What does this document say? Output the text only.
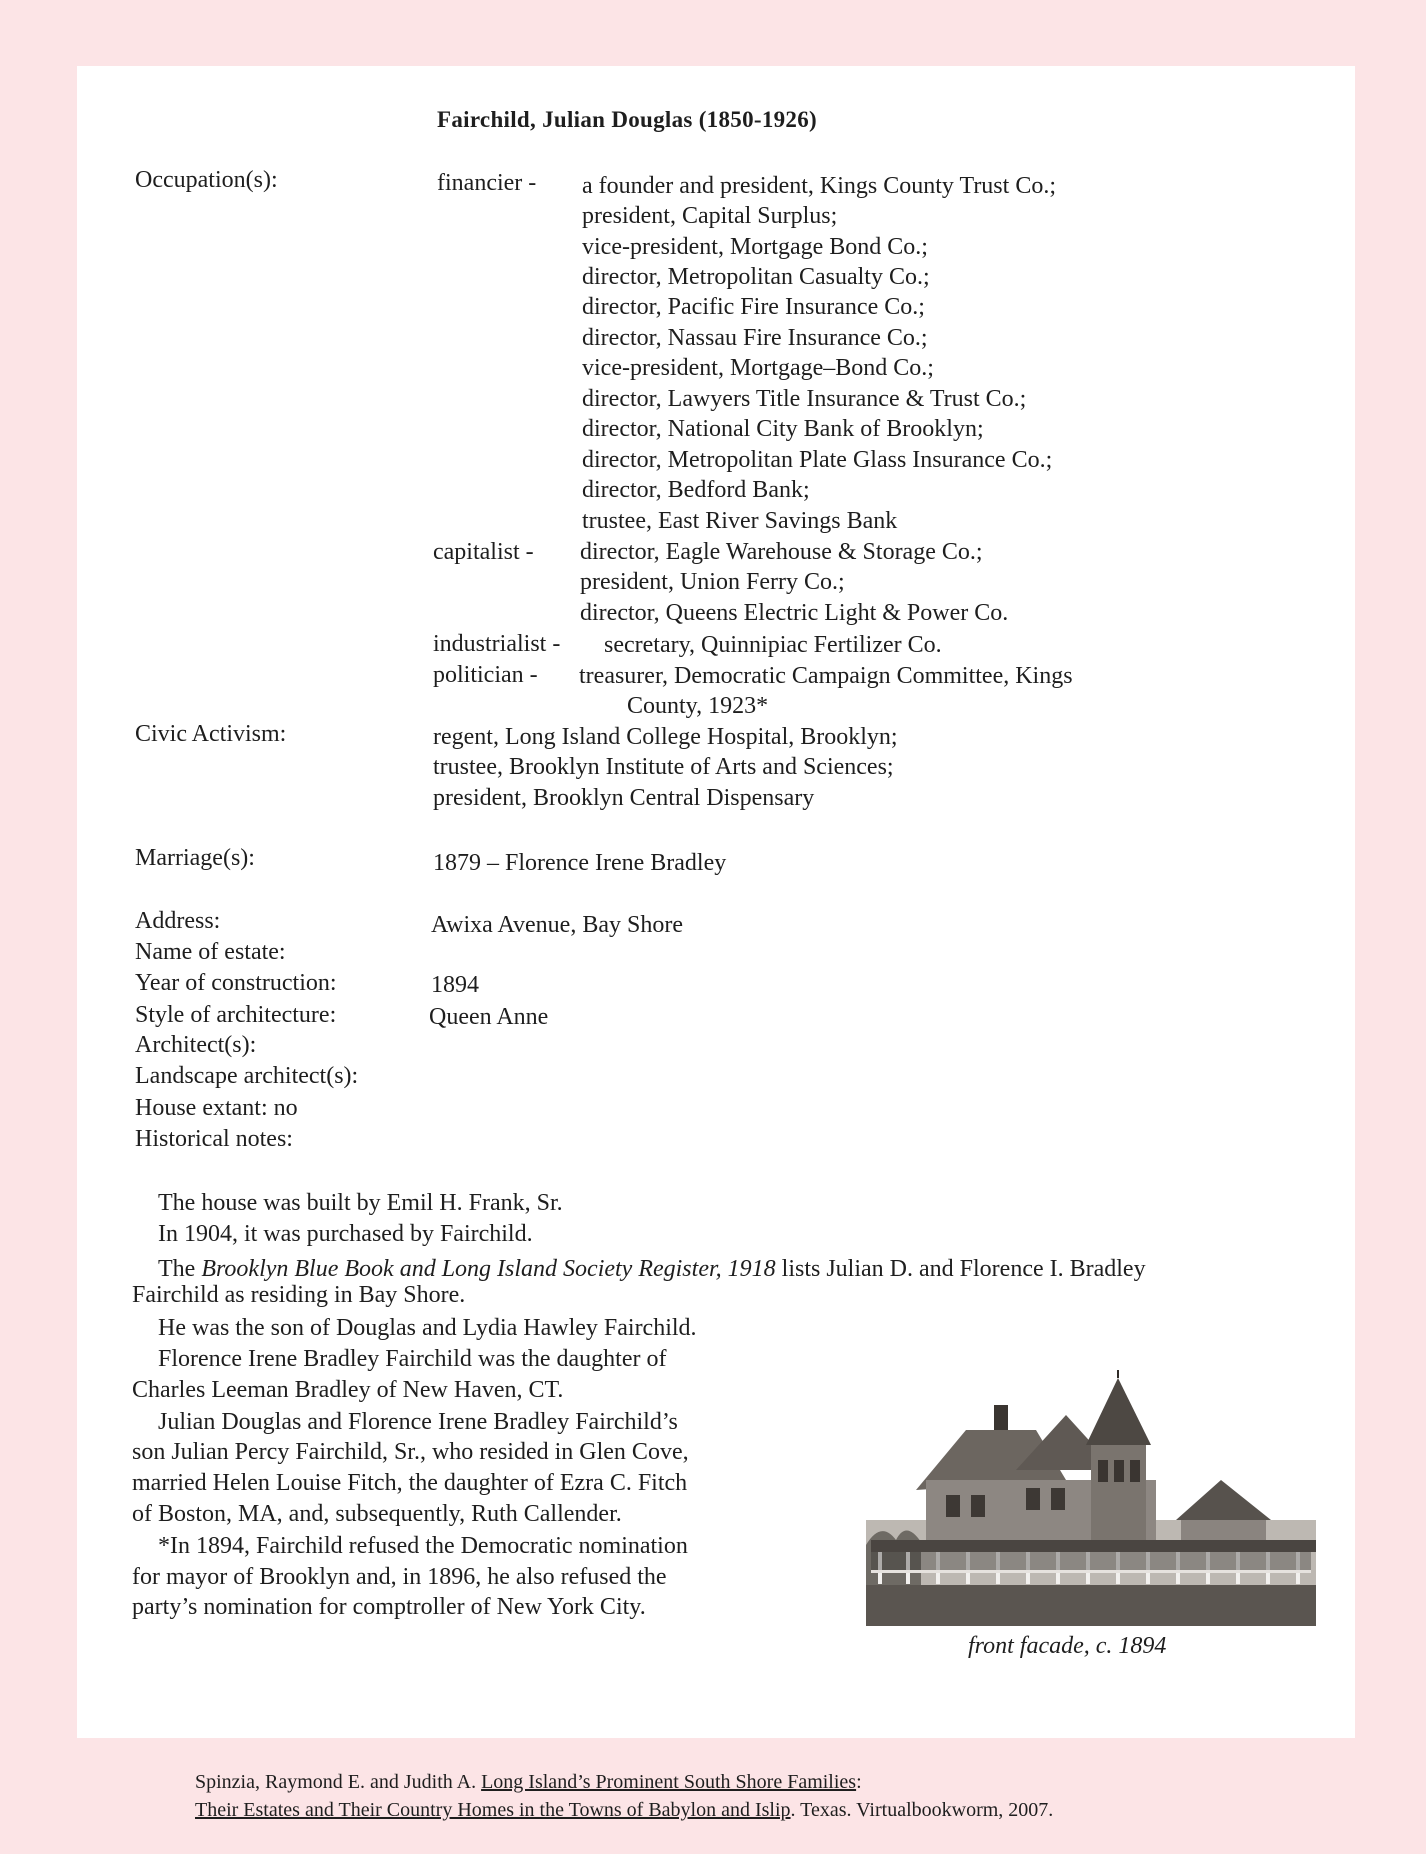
Fairchild, Julian Douglas (1850-1926)
Occupation(s):	financier - a founder and president, Kings County Trust Co.;
president, Capital Surplus;
vice-president, Mortgage Bond Co.;
director, Metropolitan Casualty Co.;
director, Pacific Fire Insurance Co.;
director, Nassau Fire Insurance Co.;
vice-president, Mortgage–Bond Co.;
director, Lawyers Title Insurance & Trust Co.;
director, National City Bank of Brooklyn;
director, Metropolitan Plate Glass Insurance Co.;
director, Bedford Bank;
trustee, East River Savings Bank
capitalist - director, Eagle Warehouse & Storage Co.;
president, Union Ferry Co.;
director, Queens Electric Light & Power Co.
industrialist - secretary, Quinnipiac Fertilizer Co.
politician - treasurer, Democratic Campaign Committee, Kings
County, 1923*
Civic Activism:	regent, Long Island College Hospital, Brooklyn;
trustee, Brooklyn Institute of Arts and Sciences;
president, Brooklyn Central Dispensary
Marriage(s):	1879 – Florence Irene Bradley
Address:	Awixa Avenue, Bay Shore
Name of estate:
Year of construction:	1894
Style of architecture:	Queen Anne
Architect(s):
Landscape architect(s):
House extant: no
Historical notes:
The house was built by Emil H. Frank, Sr.
In 1904, it was purchased by Fairchild.
The Brooklyn Blue Book and Long Island Society Register, 1918 lists Julian D. and Florence I. Bradley
Fairchild as residing in Bay Shore.
He was the son of Douglas and Lydia Hawley Fairchild.
Florence Irene Bradley Fairchild was the daughter of
Charles Leeman Bradley of New Haven, CT.
Julian Douglas and Florence Irene Bradley Fairchild’s
son Julian Percy Fairchild, Sr., who resided in Glen Cove,
married Helen Louise Fitch, the daughter of Ezra C. Fitch
of Boston, MA, and, subsequently, Ruth Callender.
*In 1894, Fairchild refused the Democratic nomination
for mayor of Brooklyn and, in 1896, he also refused the
party’s nomination for comptroller of New York City.
front facade, c. 1894
Spinzia, Raymond E. and Judith A. Long Island’s Prominent South Shore Families:
Their Estates and Their Country Homes in the Towns of Babylon and Islip. Texas. Virtualbookworm, 2007.
